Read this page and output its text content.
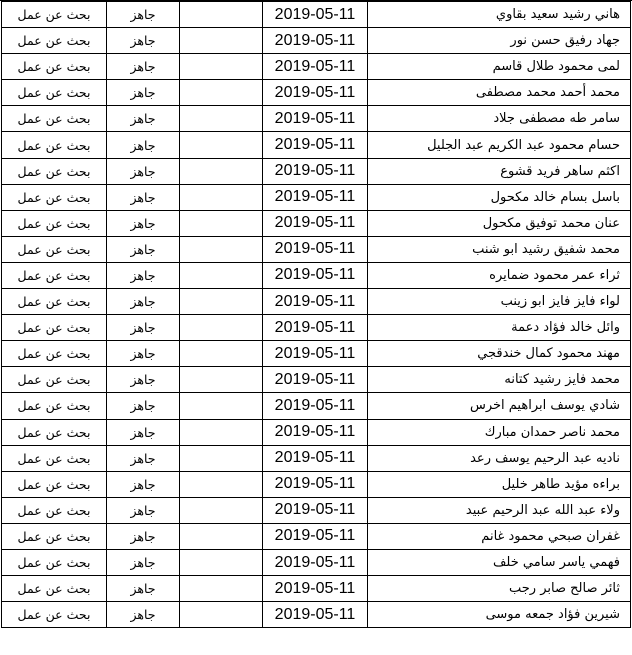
بحث عن عمل	جاهز		2019-05-11	هاني رشيد سعيد بقاوي
بحث عن عمل	جاهز		2019-05-11	جهاد رفيق حسن نور
بحث عن عمل	جاهز		2019-05-11	لمى محمود طلال قاسم
بحث عن عمل	جاهز		2019-05-11	محمد أحمد محمد مصطفى
بحث عن عمل	جاهز		2019-05-11	سامر طه مصطفى جلاد
بحث عن عمل	جاهز		2019-05-11	حسام محمود عبد الكريم عبد الجليل
بحث عن عمل	جاهز		2019-05-11	اكثم ساهر فريد قشوع
بحث عن عمل	جاهز		2019-05-11	باسل بسام خالد مكحول
بحث عن عمل	جاهز		2019-05-11	عنان محمد توفيق مكحول
بحث عن عمل	جاهز		2019-05-11	محمد شفيق رشيد ابو شنب
بحث عن عمل	جاهز		2019-05-11	ثراء عمر محمود ضمايره
بحث عن عمل	جاهز		2019-05-11	لواء فايز فايز ابو زينب
بحث عن عمل	جاهز		2019-05-11	وائل خالد فؤاد دعمة
بحث عن عمل	جاهز		2019-05-11	مهند محمود كمال خندقجي
بحث عن عمل	جاهز		2019-05-11	محمد فايز رشيد كتانه
بحث عن عمل	جاهز		2019-05-11	شادي يوسف ابراهيم اخرس
بحث عن عمل	جاهز		2019-05-11	محمد ناصر حمدان مبارك
بحث عن عمل	جاهز		2019-05-11	ناديه عبد الرحيم يوسف رعد
بحث عن عمل	جاهز		2019-05-11	براءه مؤيد طاهر خليل
بحث عن عمل	جاهز		2019-05-11	ولاء عبد الله عبد الرحيم عبيد
بحث عن عمل	جاهز		2019-05-11	غفران صبحي محمود غانم
بحث عن عمل	جاهز		2019-05-11	فهمي ياسر سامي خلف
بحث عن عمل	جاهز		2019-05-11	ثائر صالح صابر رجب
بحث عن عمل	جاهز		2019-05-11	شيرين فؤاد جمعه موسى
